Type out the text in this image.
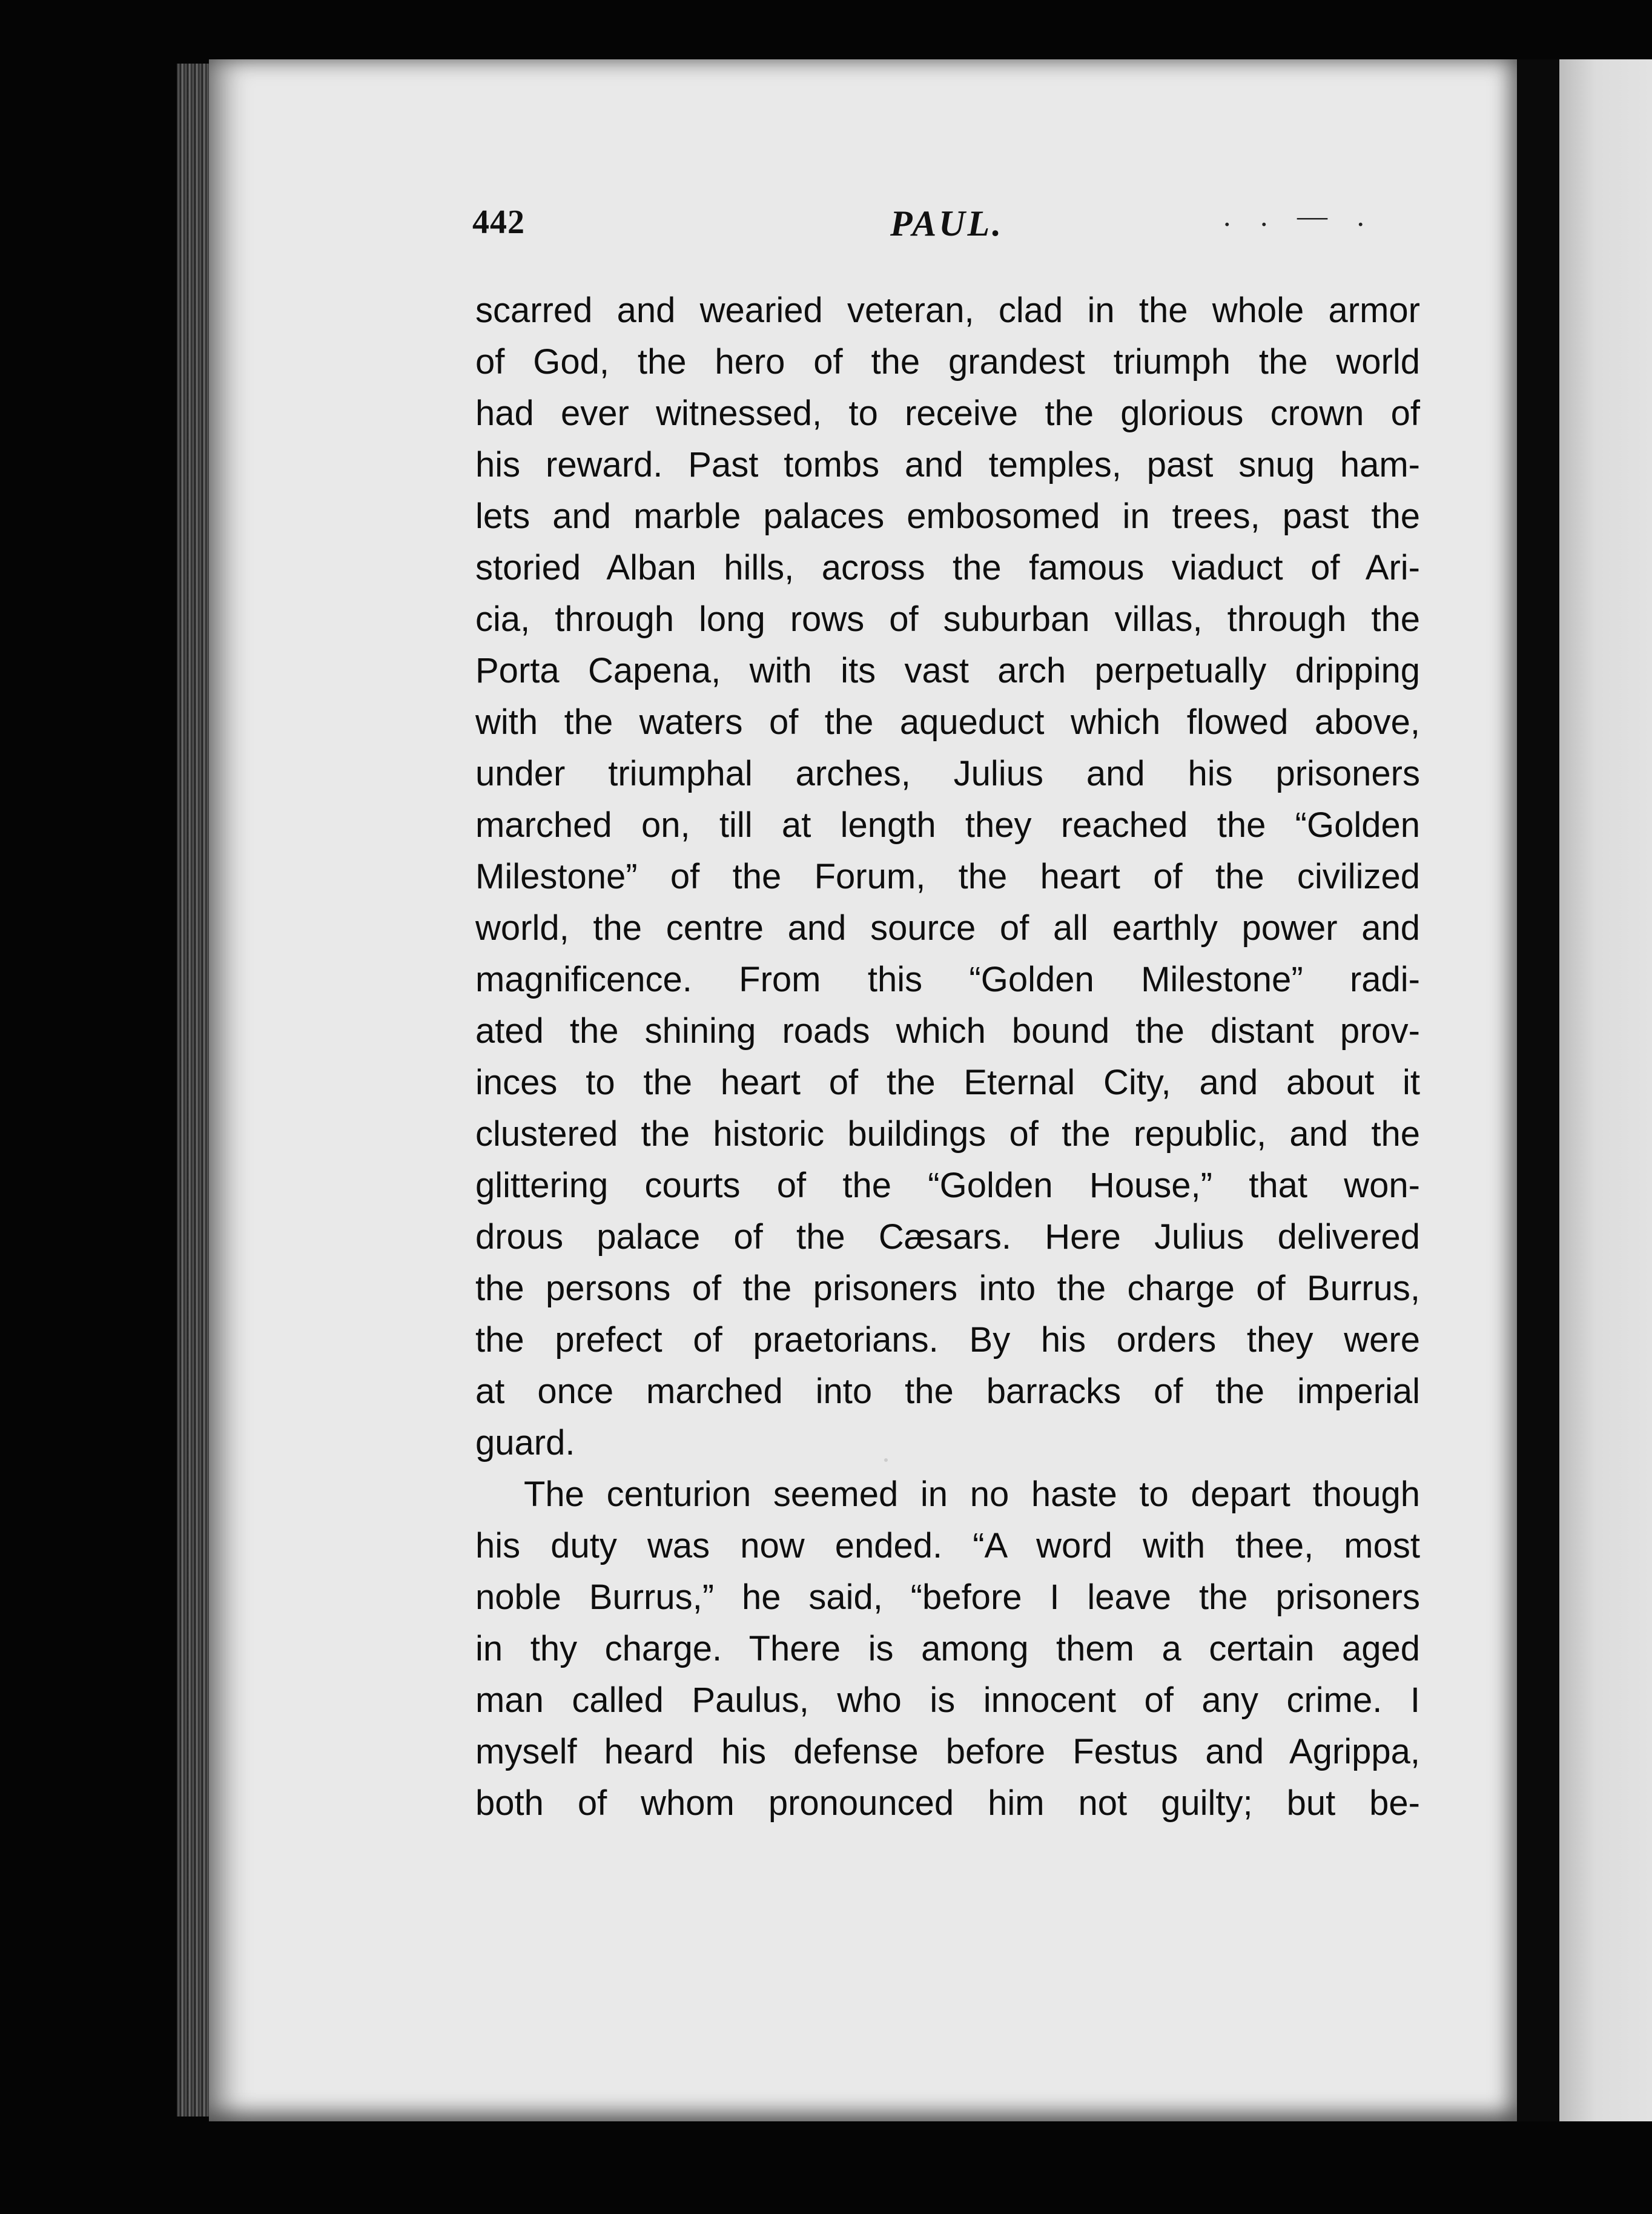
442	PAUL.	. . — .
scarred and wearied veteran, clad in the whole armor
of God, the hero of the grandest triumph the world
had ever witnessed, to receive the glorious crown of
his reward. Past tombs and temples, past snug ham-
lets and marble palaces embosomed in trees, past the
storied Alban hills, across the famous viaduct of Ari-
cia, through long rows of suburban villas, through the
Porta Capena, with its vast arch perpetually dripping
with the waters of the aqueduct which flowed above,
under triumphal arches, Julius and his prisoners
marched on, till at length they reached the “Golden
Milestone” of the Forum, the heart of the civilized
world, the centre and source of all earthly power and
magnificence. From this “Golden Milestone” radi-
ated the shining roads which bound the distant prov-
inces to the heart of the Eternal City, and about it
clustered the historic buildings of the republic, and the
glittering courts of the “Golden House,” that won-
drous palace of the Cæsars. Here Julius delivered
the persons of the prisoners into the charge of Burrus,
the prefect of praetorians. By his orders they were
at once marched into the barracks of the imperial
guard.
The centurion seemed in no haste to depart though
his duty was now ended. “A word with thee, most
noble Burrus,” he said, “before I leave the prisoners
in thy charge. There is among them a certain aged
man called Paulus, who is innocent of any crime. I
myself heard his defense before Festus and Agrippa,
both of whom pronounced him not guilty; but be-
